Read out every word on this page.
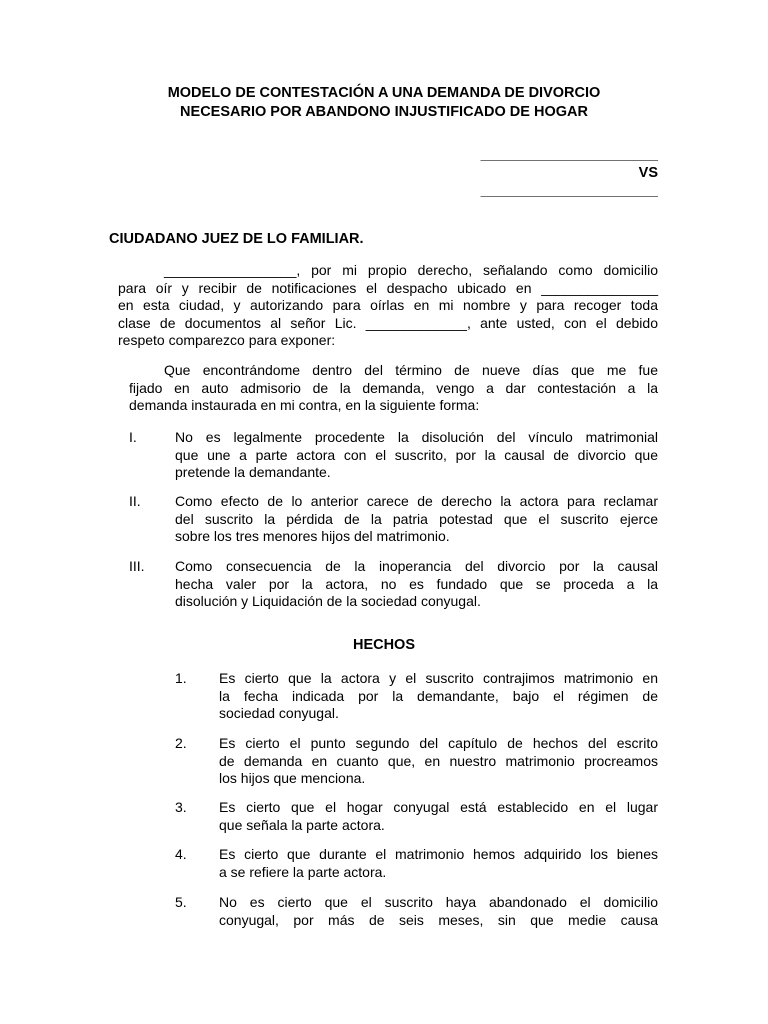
MODELO DE CONTESTACIÓN A UNA DEMANDA DE DIVORCIO
NECESARIO POR ABANDONO INJUSTIFICADO DE HOGAR
______________________
VS
______________________
CIUDADANO JUEZ DE LO FAMILIAR.
_________________, por mi propio derecho, señalando como domicilio
para oír y recibir de notificaciones el despacho ubicado en _______________
en esta ciudad, y autorizando para oírlas en mi nombre y para recoger toda
clase de documentos al señor Lic. _____________, ante usted, con el debido
respeto comparezco para exponer:
Que encontrándome dentro del término de nueve días que me fue
fijado en auto admisorio de la demanda, vengo a dar contestación a la
demanda instaurada en mi contra, en la siguiente forma:
I.	No es legalmente procedente la disolución del vínculo matrimonial
que une a parte actora con el suscrito, por la causal de divorcio que
pretende la demandante.
II. Como efecto de lo anterior carece de derecho la actora para reclamar
del suscrito la pérdida de la patria potestad que el suscrito ejerce
sobre los tres menores hijos del matrimonio.
III. Como consecuencia de la inoperancia del divorcio por la causal
hecha valer por la actora, no es fundado que se proceda a la
disolución y Liquidación de la sociedad conyugal.
HECHOS
1. Es cierto que la actora y el suscrito contrajimos matrimonio en
la fecha indicada por la demandante, bajo el régimen de
sociedad conyugal.
2. Es cierto el punto segundo del capítulo de hechos del escrito
de demanda en cuanto que, en nuestro matrimonio procreamos
los hijos que menciona.
3. Es cierto que el hogar conyugal está establecido en el lugar
que señala la parte actora.
4. Es cierto que durante el matrimonio hemos adquirido los bienes
a se refiere la parte actora.
5. No es cierto que el suscrito haya abandonado el domicilio
conyugal, por más de seis meses, sin que medie causa
